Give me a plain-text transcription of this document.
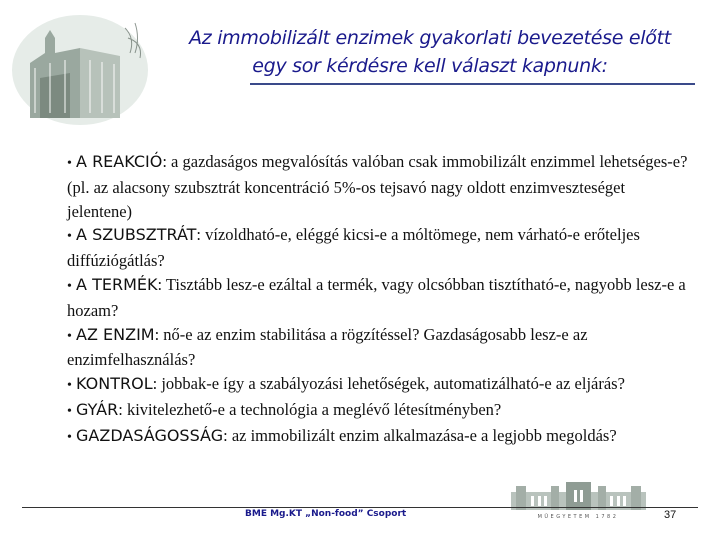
Az immobilizált enzimek gyakorlati bevezetése előtt
egy sor kérdésre kell választ kapnunk:

• A REAKCIÓ: a gazdaságos megvalósítás valóban csak immobilizált enzimmel lehetséges-e? (pl. az alacsony szubsztrát koncentráció 5%-os tejsavó nagy oldott enzimveszteséget jelentene)

• A SZUBSZTRÁT: vízoldható-e, eléggé kicsi-e a móltömege, nem várható-e erőteljes diffúziógátlás?

• A TERMÉK: Tisztább lesz-e ezáltal a termék, vagy olcsóbban tisztítható-e, nagyobb lesz-e a hozam?

• AZ ENZIM: nő-e az enzim stabilitása a rögzítéssel? Gazdaságosabb lesz-e az enzimfelhasználás?

• KONTROL: jobbak-e így a szabályozási lehetőségek, automatizálható-e az eljárás?

• GYÁR: kivitelezhető-e a technológia a meglévő létesítményben?

• GAZDASÁGOSSÁG: az immobilizált enzim alkalmazása-e a legjobb megoldás?

MŰEGYETEM 1782
BME Mg.KT „Non-food” Csoport	37
